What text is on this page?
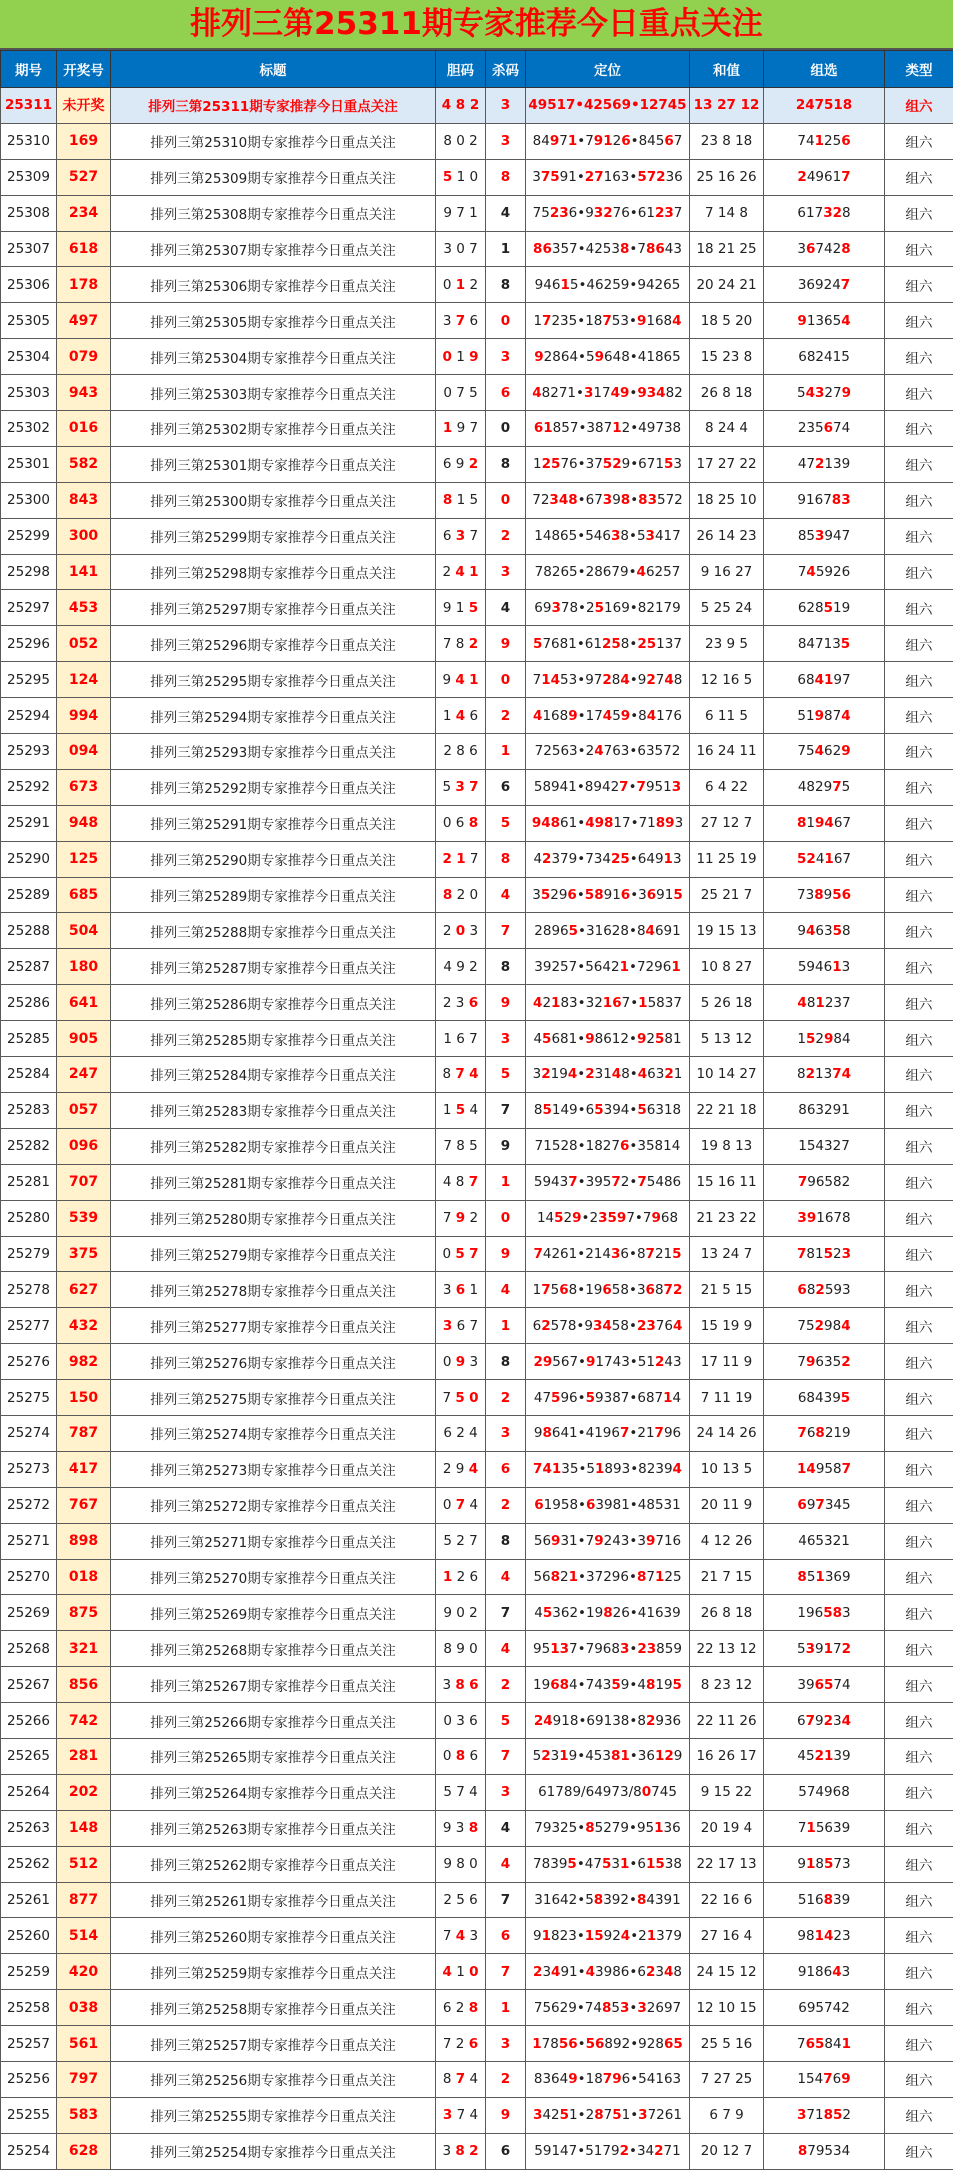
排列三第25311期专家推荐今日重点关注
期号	开奖号	标题	胆码	杀码	定位	和值	组选	类型
25311	未开奖	排列三第25311期专家推荐今日重点关注	4 8 2	3	49517•42569•12745	13 27 12	247518	组六
25310	169	排列三第25310期专家推荐今日重点关注	8 0 2	3	84971•79126•84567	23 8 18	741256	组六
25309	527	排列三第25309期专家推荐今日重点关注	5 1 0	8	37591•27163•57236	25 16 26	249617	组六
25308	234	排列三第25308期专家推荐今日重点关注	9 7 1	4	75236•93276•61237	7 14 8	617328	组六
25307	618	排列三第25307期专家推荐今日重点关注	3 0 7	1	86357•42538•78643	18 21 25	367428	组六
25306	178	排列三第25306期专家推荐今日重点关注	0 1 2	8	94615•46259•94265	20 24 21	369247	组六
25305	497	排列三第25305期专家推荐今日重点关注	3 7 6	0	17235•18753•91684	18 5 20	913654	组六
25304	079	排列三第25304期专家推荐今日重点关注	0 1 9	3	92864•59648•41865	15 23 8	682415	组六
25303	943	排列三第25303期专家推荐今日重点关注	0 7 5	6	48271•31749•93482	26 8 18	543279	组六
25302	016	排列三第25302期专家推荐今日重点关注	1 9 7	0	61857•38712•49738	8 24 4	235674	组六
25301	582	排列三第25301期专家推荐今日重点关注	6 9 2	8	12576•37529•67153	17 27 22	472139	组六
25300	843	排列三第25300期专家推荐今日重点关注	8 1 5	0	72348•67398•83572	18 25 10	916783	组六
25299	300	排列三第25299期专家推荐今日重点关注	6 3 7	2	14865•54638•53417	26 14 23	853947	组六
25298	141	排列三第25298期专家推荐今日重点关注	2 4 1	3	78265•28679•46257	9 16 27	745926	组六
25297	453	排列三第25297期专家推荐今日重点关注	9 1 5	4	69378•25169•82179	5 25 24	628519	组六
25296	052	排列三第25296期专家推荐今日重点关注	7 8 2	9	57681•61258•25137	23 9 5	847135	组六
25295	124	排列三第25295期专家推荐今日重点关注	9 4 1	0	71453•97284•92748	12 16 5	684197	组六
25294	994	排列三第25294期专家推荐今日重点关注	1 4 6	2	41689•17459•84176	6 11 5	519874	组六
25293	094	排列三第25293期专家推荐今日重点关注	2 8 6	1	72563•24763•63572	16 24 11	754629	组六
25292	673	排列三第25292期专家推荐今日重点关注	5 3 7	6	58941•89427•79513	6 4 22	482975	组六
25291	948	排列三第25291期专家推荐今日重点关注	0 6 8	5	94861•49817•71893	27 12 7	819467	组六
25290	125	排列三第25290期专家推荐今日重点关注	2 1 7	8	42379•73425•64913	11 25 19	524167	组六
25289	685	排列三第25289期专家推荐今日重点关注	8 2 0	4	35296•58916•36915	25 21 7	738956	组六
25288	504	排列三第25288期专家推荐今日重点关注	2 0 3	7	28965•31628•84691	19 15 13	946358	组六
25287	180	排列三第25287期专家推荐今日重点关注	4 9 2	8	39257•56421•72961	10 8 27	594613	组六
25286	641	排列三第25286期专家推荐今日重点关注	2 3 6	9	42183•32167•15837	5 26 18	481237	组六
25285	905	排列三第25285期专家推荐今日重点关注	1 6 7	3	45681•98612•92581	5 13 12	152984	组六
25284	247	排列三第25284期专家推荐今日重点关注	8 7 4	5	32194•23148•46321	10 14 27	821374	组六
25283	057	排列三第25283期专家推荐今日重点关注	1 5 4	7	85149•65394•56318	22 21 18	863291	组六
25282	096	排列三第25282期专家推荐今日重点关注	7 8 5	9	71528•18276•35814	19 8 13	154327	组六
25281	707	排列三第25281期专家推荐今日重点关注	4 8 7	1	59437•39572•75486	15 16 11	796582	组六
25280	539	排列三第25280期专家推荐今日重点关注	7 9 2	0	14529•23597•7968	21 23 22	391678	组六
25279	375	排列三第25279期专家推荐今日重点关注	0 5 7	9	74261•21436•87215	13 24 7	781523	组六
25278	627	排列三第25278期专家推荐今日重点关注	3 6 1	4	17568•19658•36872	21 5 15	682593	组六
25277	432	排列三第25277期专家推荐今日重点关注	3 6 7	1	62578•93458•23764	15 19 9	752984	组六
25276	982	排列三第25276期专家推荐今日重点关注	0 9 3	8	29567•91743•51243	17 11 9	796352	组六
25275	150	排列三第25275期专家推荐今日重点关注	7 5 0	2	47596•59387•68714	7 11 19	684395	组六
25274	787	排列三第25274期专家推荐今日重点关注	6 2 4	3	98641•41967•21796	24 14 26	768219	组六
25273	417	排列三第25273期专家推荐今日重点关注	2 9 4	6	74135•51893•82394	10 13 5	149587	组六
25272	767	排列三第25272期专家推荐今日重点关注	0 7 4	2	61958•63981•48531	20 11 9	697345	组六
25271	898	排列三第25271期专家推荐今日重点关注	5 2 7	8	56931•79243•39716	4 12 26	465321	组六
25270	018	排列三第25270期专家推荐今日重点关注	1 2 6	4	56821•37296•87125	21 7 15	851369	组六
25269	875	排列三第25269期专家推荐今日重点关注	9 0 2	7	45362•19826•41639	26 8 18	196583	组六
25268	321	排列三第25268期专家推荐今日重点关注	8 9 0	4	95137•79683•23859	22 13 12	539172	组六
25267	856	排列三第25267期专家推荐今日重点关注	3 8 6	2	19684•74359•48195	8 23 12	396574	组六
25266	742	排列三第25266期专家推荐今日重点关注	0 3 6	5	24918•69138•82936	22 11 26	679234	组六
25265	281	排列三第25265期专家推荐今日重点关注	0 8 6	7	52319•45381•36129	16 26 17	452139	组六
25264	202	排列三第25264期专家推荐今日重点关注	5 7 4	3	61789/64973/80745	9 15 22	574968	组六
25263	148	排列三第25263期专家推荐今日重点关注	9 3 8	4	79325•85279•95136	20 19 4	715639	组六
25262	512	排列三第25262期专家推荐今日重点关注	9 8 0	4	78395•47531•61538	22 17 13	918573	组六
25261	877	排列三第25261期专家推荐今日重点关注	2 5 6	7	31642•58392•84391	22 16 6	516839	组六
25260	514	排列三第25260期专家推荐今日重点关注	7 4 3	6	91823•15924•21379	27 16 4	981423	组六
25259	420	排列三第25259期专家推荐今日重点关注	4 1 0	7	23491•43986•62348	24 15 12	918643	组六
25258	038	排列三第25258期专家推荐今日重点关注	6 2 8	1	75629•74853•32697	12 10 15	695742	组六
25257	561	排列三第25257期专家推荐今日重点关注	7 2 6	3	17856•56892•92865	25 5 16	765841	组六
25256	797	排列三第25256期专家推荐今日重点关注	8 7 4	2	83649•18796•54163	7 27 25	154769	组六
25255	583	排列三第25255期专家推荐今日重点关注	3 7 4	9	34251•28751•37261	6 7 9	371852	组六
25254	628	排列三第25254期专家推荐今日重点关注	3 8 2	6	59147•51792•34271	20 12 7	879534	组六
